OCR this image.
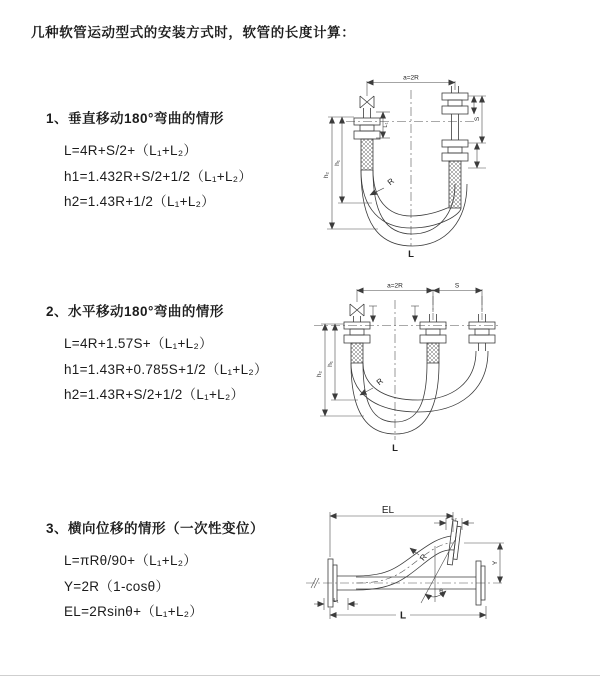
几种软管运动型式的安装方式时，软管的长度计算：
1、垂直移动180°弯曲的情形
L=4R+S/2+（L₁+L₂）
h1=1.432R+S/2+1/2（L₁+L₂）
h2=1.43R+1/2（L₁+L₂）
2、水平移动180°弯曲的情形
L=4R+1.57S+（L₁+L₂）
h1=1.43R+0.785S+1/2（L₁+L₂）
h2=1.43R+S/2+1/2（L₁+L₂）
3、横向位移的情形（一次性变位）
L=πRθ/90+（L₁+L₂）
Y=2R（1-cosθ）
EL=2Rsinθ+（L₁+L₂）
a=2R
h₁
h₂
S
L₁
R
L
a=2R	S
h₁
h₂
R
L
EL
L₂
Y
R
θ
L
L₁
